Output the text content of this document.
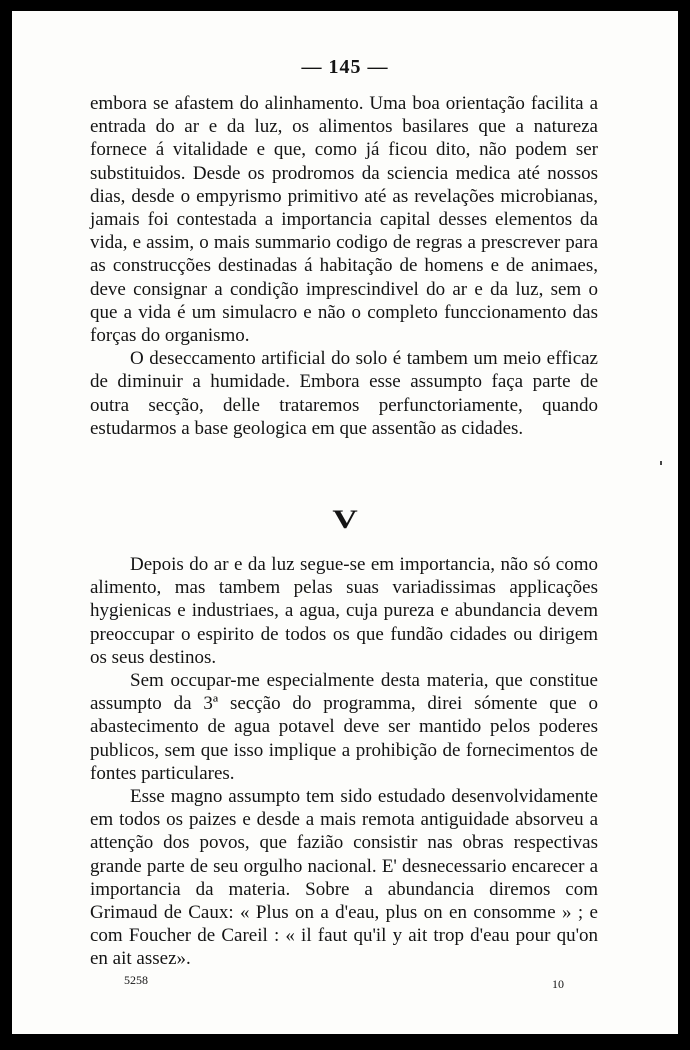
— 145 —

embora se afastem do alinhamento. Uma boa orientação facilita a entrada do ar e da luz, os alimentos basilares que a natureza fornece á vitalidade e que, como já ficou dito, não podem ser substituidos. Desde os prodromos da sciencia medica até nossos dias, desde o empyrismo primitivo até as revelações microbianas, jamais foi contestada a importancia capital desses elementos da vida, e assim, o mais summario codigo de regras a prescrever para as construcções destinadas á habitação de homens e de animaes, deve consignar a condição imprescindivel do ar e da luz, sem o que a vida é um simulacro e não o completo funccionamento das forças do organismo.

O deseccamento artificial do solo é tambem um meio efficaz de diminuir a humidade. Embora esse assumpto faça parte de outra secção, delle trataremos perfunctoriamente, quando estudarmos a base geologica em que assentão as cidades.

V

Depois do ar e da luz segue-se em importancia, não só como alimento, mas tambem pelas suas variadissimas applicações hygienicas e industriaes, a agua, cuja pureza e abundancia devem preoccupar o espirito de todos os que fundão cidades ou dirigem os seus destinos.

Sem occupar-me especialmente desta materia, que constitue assumpto da 3ª secção do programma, direi sómente que o abastecimento de agua potavel deve ser mantido pelos poderes publicos, sem que isso implique a prohibição de fornecimentos de fontes particulares.

Esse magno assumpto tem sido estudado desenvolvidamente em todos os paizes e desde a mais remota antiguidade absorveu a attenção dos povos, que fazião consistir nas obras respectivas grande parte de seu orgulho nacional. E' desnecessario encarecer a importancia da materia. Sobre a abundancia diremos com Grimaud de Caux: « Plus on a d'eau, plus on en consomme » ; e com Foucher de Careil : « il faut qu'il y ait trop d'eau pour qu'on en ait assez».

5258	10
